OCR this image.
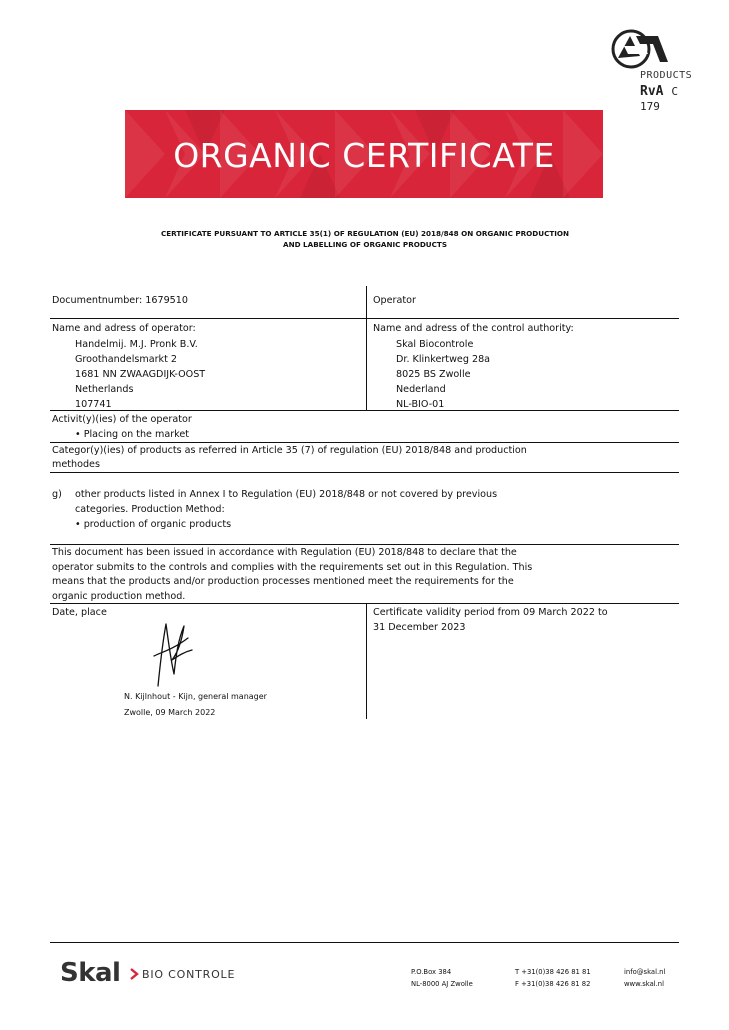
PRODUCTS
RvA C 179
ORGANIC CERTIFICATE
CERTIFICATE PURSUANT TO ARTICLE 35(1) OF REGULATION (EU) 2018/848 ON ORGANIC PRODUCTION
AND LABELLING OF ORGANIC PRODUCTS
Documentnumber: 1679510	Operator
Name and adress of operator:
Handelmij. M.J. Pronk B.V.
Groothandelsmarkt 2
1681 NN ZWAAGDIJK-OOST
Netherlands
107741
Name and adress of the control authority:
Skal Biocontrole
Dr. Klinkertweg 28a
8025 BS Zwolle
Nederland
NL-BIO-01
Activit(y)(ies) of the operator
• Placing on the market
Categor(y)(ies) of products as referred in Article 35 (7) of regulation (EU) 2018/848 and production
methodes
g) other products listed in Annex I to Regulation (EU) 2018/848 or not covered by previous
categories. Production Method:
• production of organic products
This document has been issued in accordance with Regulation (EU) 2018/848 to declare that the
operator submits to the controls and complies with the requirements set out in this Regulation. This
means that the products and/or production processes mentioned meet the requirements for the
organic production method.
Date, place
N. Kijlnhout - Kijn, general manager
Zwolle, 09 March 2022
Certificate validity period from 09 March 2022 to
31 December 2023
Skal BIO CONTROLE	P.O.Box 384
NL-8000 AJ Zwolle
T +31(0)38 426 81 81
F +31(0)38 426 81 82
info@skal.nl
www.skal.nl
